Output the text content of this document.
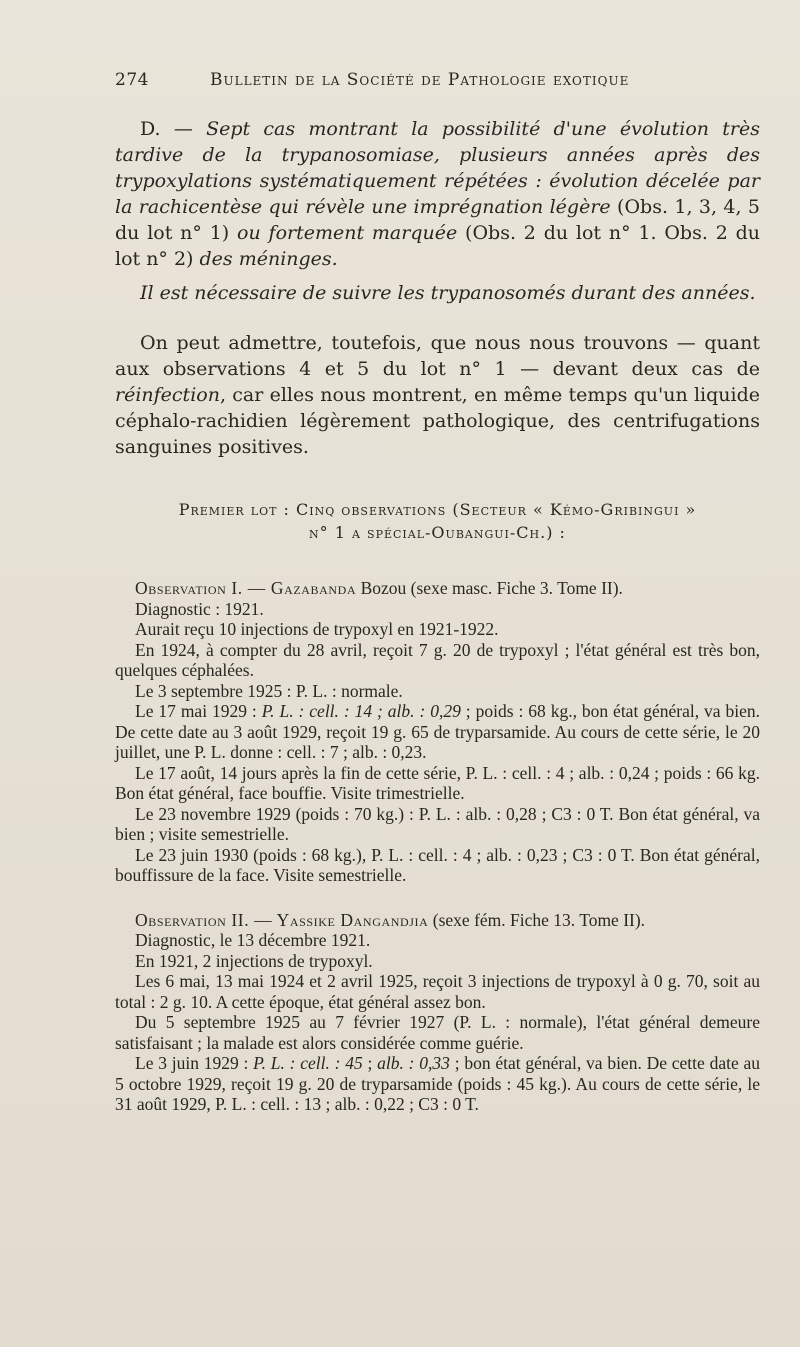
274	Bulletin de la Société de Pathologie exotique
D. — Sept cas montrant la possibilité d'une évolution très tardive de la trypanosomiase, plusieurs années après des trypoxylations systématiquement répétées : évolution décelée par la rachicentèse qui révèle une imprégnation légère (Obs. 1, 3, 4, 5 du lot n° 1) ou fortement marquée (Obs. 2 du lot n° 1. Obs. 2 du lot n° 2) des méninges.
Il est nécessaire de suivre les trypanosomés durant des années.

On peut admettre, toutefois, que nous nous trouvons — quant aux observations 4 et 5 du lot n° 1 — devant deux cas de réinfection, car elles nous montrent, en même temps qu'un liquide céphalo-rachidien légèrement pathologique, des centrifugations sanguines positives.

Premier lot : Cinq observations (Secteur « Kémo-Gribingui »
n° 1 a spécial-Oubangui-Ch.) :

Observation I. — Gazabanda Bozou (sexe masc. Fiche 3. Tome II).

Diagnostic : 1921.

Aurait reçu 10 injections de trypoxyl en 1921-1922.

En 1924, à compter du 28 avril, reçoit 7 g. 20 de trypoxyl ; l'état général est très bon, quelques céphalées.

Le 3 septembre 1925 : P. L. : normale.

Le 17 mai 1929 : P. L. : cell. : 14 ; alb. : 0,29 ; poids : 68 kg., bon état général, va bien. De cette date au 3 août 1929, reçoit 19 g. 65 de tryparsamide. Au cours de cette série, le 20 juillet, une P. L. donne : cell. : 7 ; alb. : 0,23.

Le 17 août, 14 jours après la fin de cette série, P. L. : cell. : 4 ; alb. : 0,24 ; poids : 66 kg. Bon état général, face bouffie. Visite trimestrielle.

Le 23 novembre 1929 (poids : 70 kg.) : P. L. : alb. : 0,28 ; C3 : 0 T. Bon état général, va bien ; visite semestrielle.

Le 23 juin 1930 (poids : 68 kg.), P. L. : cell. : 4 ; alb. : 0,23 ; C3 : 0 T. Bon état général, bouffissure de la face. Visite semestrielle.

Observation II. — Yassike Dangandjia (sexe fém. Fiche 13. Tome II).

Diagnostic, le 13 décembre 1921.

En 1921, 2 injections de trypoxyl.

Les 6 mai, 13 mai 1924 et 2 avril 1925, reçoit 3 injections de trypoxyl à 0 g. 70, soit au total : 2 g. 10. A cette époque, état général assez bon.

Du 5 septembre 1925 au 7 février 1927 (P. L. : normale), l'état général demeure satisfaisant ; la malade est alors considérée comme guérie.

Le 3 juin 1929 : P. L. : cell. : 45 ; alb. : 0,33 ; bon état général, va bien. De cette date au 5 octobre 1929, reçoit 19 g. 20 de tryparsamide (poids : 45 kg.). Au cours de cette série, le 31 août 1929, P. L. : cell. : 13 ; alb. : 0,22 ; C3 : 0 T.
